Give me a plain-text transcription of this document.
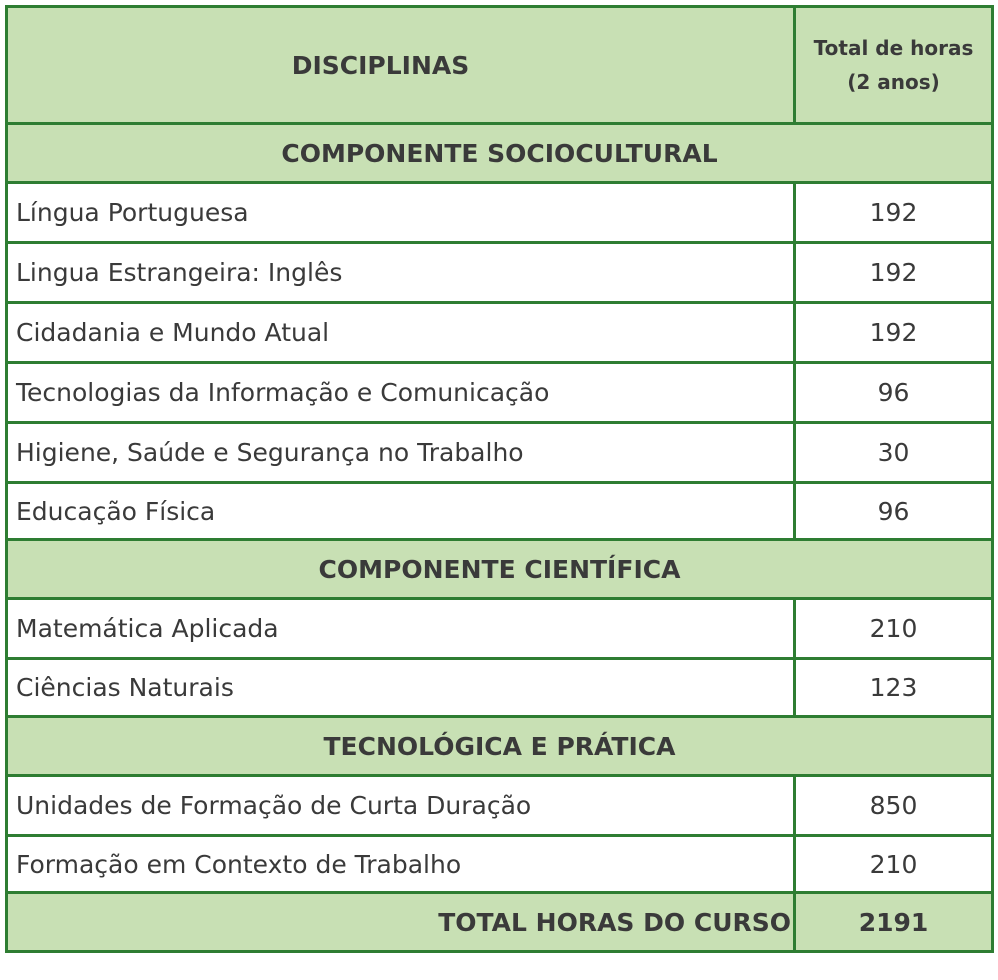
DISCIPLINAS	Total de horas
(2 anos)

COMPONENTE SOCIOCULTURAL	
Língua Portuguesa	192
Lingua Estrangeira: Inglês	192
Cidadania e Mundo Atual	192
Tecnologias da Informação e Comunicação	96
Higiene, Saúde e Segurança no Trabalho	30
Educação Física	96
COMPONENTE CIENTÍFICA	
Matemática Aplicada	210
Ciências Naturais	123
TECNOLÓGICA E PRÁTICA	
Unidades de Formação de Curta Duração	850
Formação em Contexto de Trabalho	210
TOTAL HORAS DO CURSO	2191
